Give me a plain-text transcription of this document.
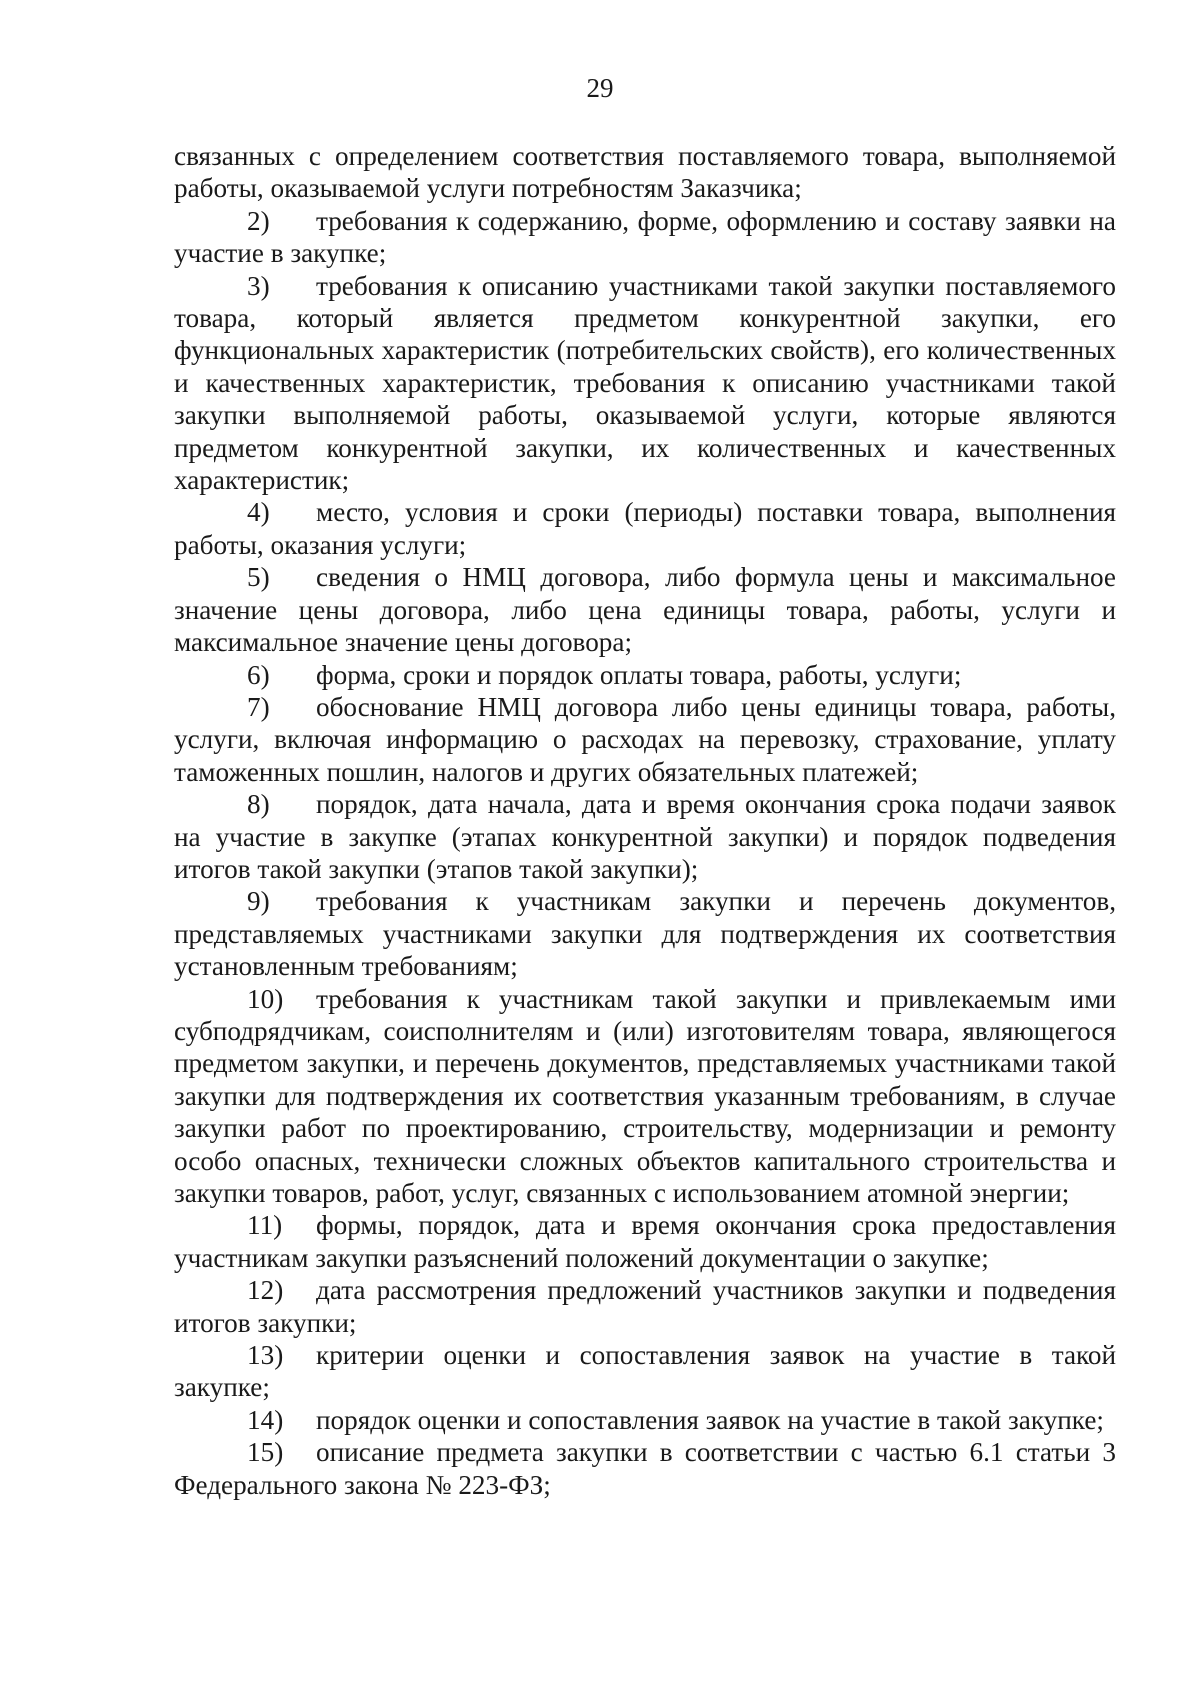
29

связанных с определением соответствия поставляемого товара, выполняемой работы, оказываемой услуги потребностям Заказчика;

2) требования к содержанию, форме, оформлению и составу заявки на участие в закупке;

3) требования к описанию участниками такой закупки поставляемого товара, который является предметом конкурентной закупки, его функциональных характеристик (потребительских свойств), его количественных и качественных характеристик, требования к описанию участниками такой закупки выполняемой работы, оказываемой услуги, которые являются предметом конкурентной закупки, их количественных и качественных характеристик;

4) место, условия и сроки (периоды) поставки товара, выполнения работы, оказания услуги;

5) сведения о НМЦ договора, либо формула цены и максимальное значение цены договора, либо цена единицы товара, работы, услуги и максимальное значение цены договора;

6) форма, сроки и порядок оплаты товара, работы, услуги;

7) обоснование НМЦ договора либо цены единицы товара, работы, услуги, включая информацию о расходах на перевозку, страхование, уплату таможенных пошлин, налогов и других обязательных платежей;

8) порядок, дата начала, дата и время окончания срока подачи заявок на участие в закупке (этапах конкурентной закупки) и порядок подведения итогов такой закупки (этапов такой закупки);

9) требования к участникам закупки и перечень документов, представляемых участниками закупки для подтверждения их соответствия установленным требованиям;

10) требования к участникам такой закупки и привлекаемым ими субподрядчикам, соисполнителям и (или) изготовителям товара, являющегося предметом закупки, и перечень документов, представляемых участниками такой закупки для подтверждения их соответствия указанным требованиям, в случае закупки работ по проектированию, строительству, модернизации и ремонту особо опасных, технически сложных объектов капитального строительства и закупки товаров, работ, услуг, связанных с использованием атомной энергии;

11) формы, порядок, дата и время окончания срока предоставления участникам закупки разъяснений положений документации о закупке;

12) дата рассмотрения предложений участников закупки и подведения итогов закупки;

13) критерии оценки и сопоставления заявок на участие в такой закупке;

14) порядок оценки и сопоставления заявок на участие в такой закупке;

15) описание предмета закупки в соответствии с частью 6.1 статьи 3 Федерального закона № 223-ФЗ;
